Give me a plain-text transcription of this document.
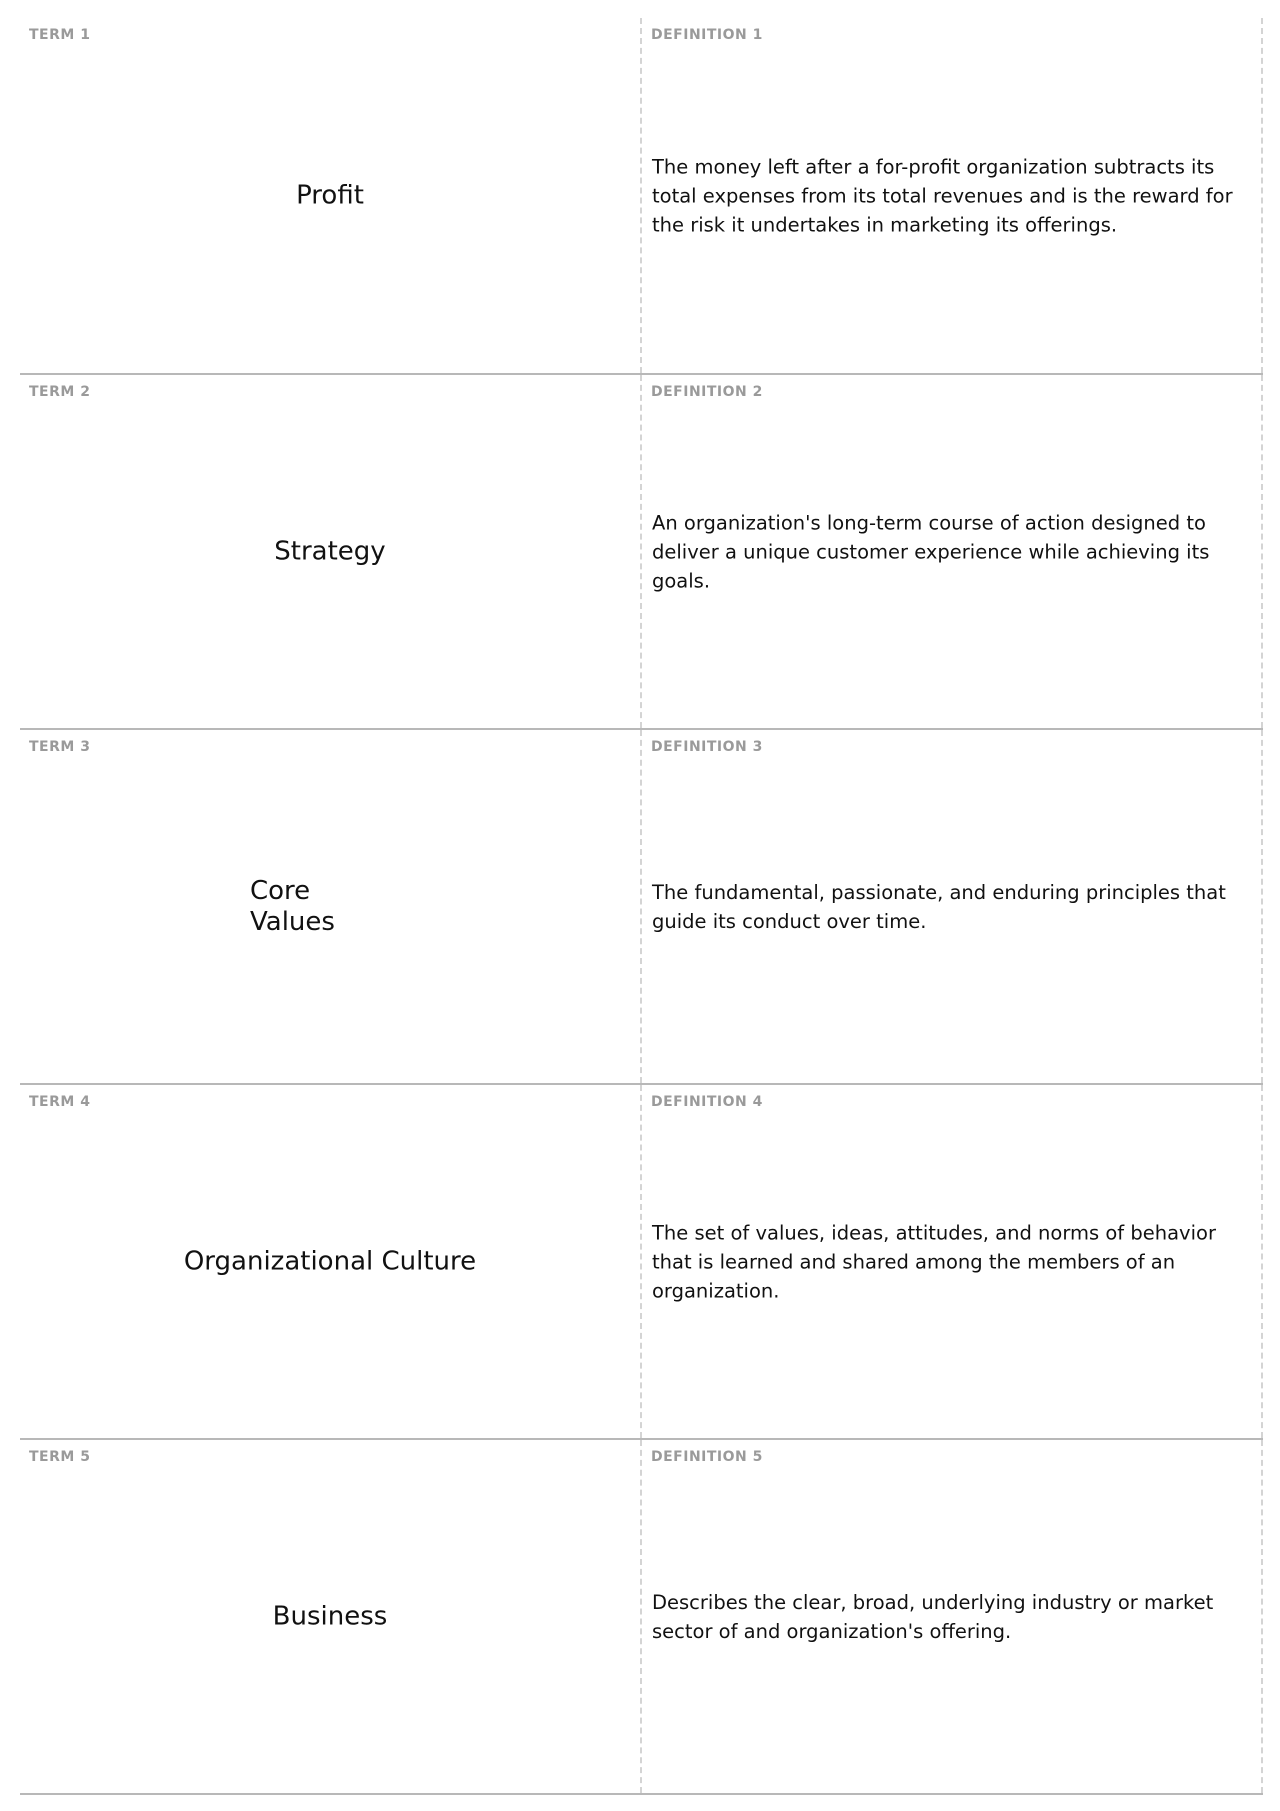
TERM 1
Profit
DEFINITION 1
The money left after a for-profit organization subtracts its total expenses from its total revenues and is the reward for the risk it undertakes in marketing its offerings.
TERM 2
Strategy
DEFINITION 2
An organization's long-term course of action designed to deliver a unique customer experience while achieving its goals.
TERM 3
Core Values
DEFINITION 3
The fundamental, passionate, and enduring principles that guide its conduct over time.
TERM 4
Organizational Culture
DEFINITION 4
The set of values, ideas, attitudes, and norms of behavior that is learned and shared among the members of an organization.
TERM 5
Business
DEFINITION 5
Describes the clear, broad, underlying industry or market sector of and organization's offering.
